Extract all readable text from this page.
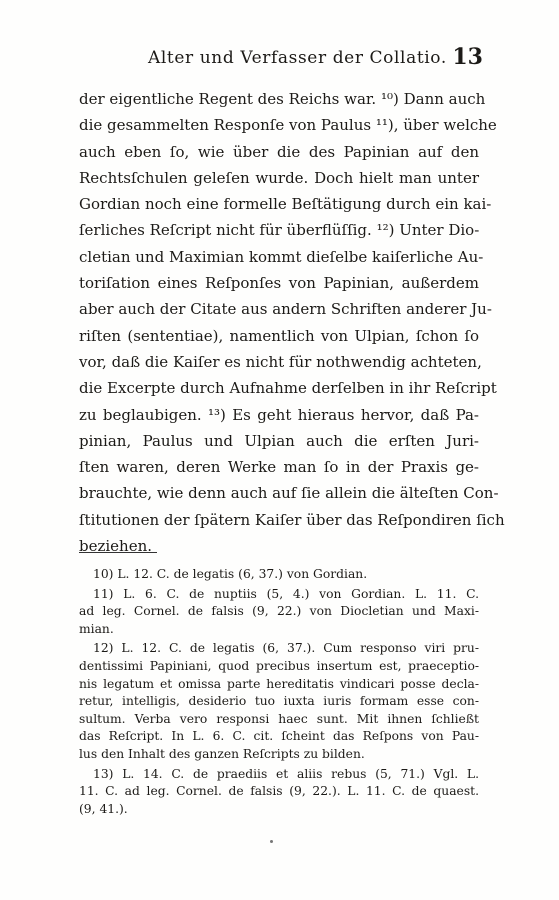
Alter und Verfasser der Collatio. 13

der eigentliche Regent des Reichs war. ¹⁰) Dann auch
die gesammelten Responſe von Paulus ¹¹), über welche
auch eben ſo, wie über die des Papinian auf den
Rechtsſchulen geleſen wurde. Doch hielt man unter
Gordian noch eine formelle Beſtätigung durch ein kai-
ſerliches Reſcript nicht für überflüſſig. ¹²) Unter Dio-
cletian und Maximian kommt dieſelbe kaiſerliche Au-
toriſation eines Reſponſes von Papinian, außerdem
aber auch der Citate aus andern Schriften anderer Ju-
riſten (sententiae), namentlich von Ulpian, ſchon ſo
vor, daß die Kaiſer es nicht für nothwendig achteten,
die Excerpte durch Aufnahme derſelben in ihr Reſcript
zu beglaubigen. ¹³) Es geht hieraus hervor, daß Pa-
pinian, Paulus und Ulpian auch die erſten Juri-
ſten waren, deren Werke man ſo in der Praxis ge-
brauchte, wie denn auch auf ſie allein die älteſten Con-
ſtitutionen der ſpätern Kaiſer über das Reſpondiren ſich
beziehen.

10) L. 12. C. de legatis (6, 37.) von Gordian.
11) L. 6. C. de nuptiis (5, 4.) von Gordian. L. 11. C.
ad leg. Cornel. de falsis (9, 22.) von Diocletian und Maxi-
mian.
12) L. 12. C. de legatis (6, 37.). Cum responso viri pru-
dentissimi Papiniani, quod precibus insertum est, praeceptio-
nis legatum et omissa parte hereditatis vindicari posse decla-
retur, intelligis, desiderio tuo iuxta iuris formam esse con-
sultum. Verba vero responsi haec sunt. Mit ihnen ſchließt
das Reſcript. In L. 6. C. cit. ſcheint das Reſpons von Pau-
lus den Inhalt des ganzen Reſcripts zu bilden.
13) L. 14. C. de praediis et aliis rebus (5, 71.) Vgl. L.
11. C. ad leg. Cornel. de falsis (9, 22.). L. 11. C. de quaest.
(9, 41.).
